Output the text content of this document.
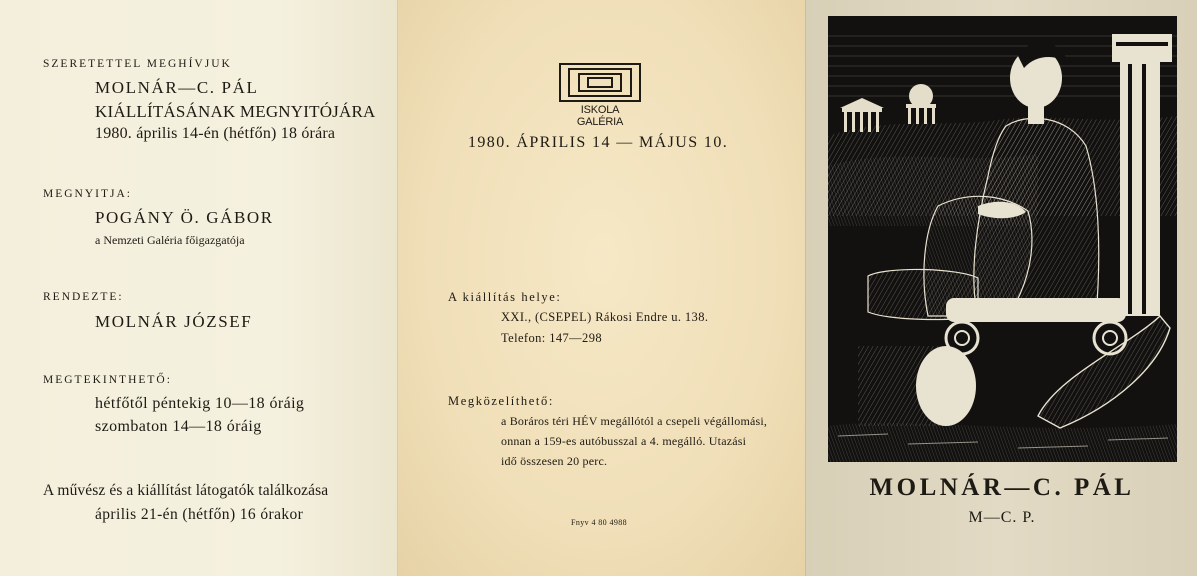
SZERETETTEL MEGHÍVJUK
MOLNÁR—C. PÁL
KIÁLLÍTÁSÁNAK MEGNYITÓJÁRA
1980. április 14-én (hétfőn) 18 órára
MEGNYITJA:
POGÁNY Ö. GÁBOR
a Nemzeti Galéria főigazgatója
RENDEZTE:
MOLNÁR JÓZSEF
MEGTEKINTHETŐ:
hétfőtől péntekig 10—18 óráig
szombaton 14—18 óráig
A művész és a kiállítást látogatók találkozása
április 21-én (hétfőn) 16 órakor
ISKOLA GALÉRIA
1980. ÁPRILIS 14 — MÁJUS 10.
A kiállítás helye:
XXI., (CSEPEL) Rákosi Endre u. 138.
Telefon: 147—298
Megközelíthető:
a Boráros téri HÉV megállótól a csepeli végállomási,
onnan a 159-es autóbusszal a 4. megálló. Utazási
idő összesen 20 perc.
Fnyv 4 80 4988
MOLNÁR—C. PÁL
M—C. P.
